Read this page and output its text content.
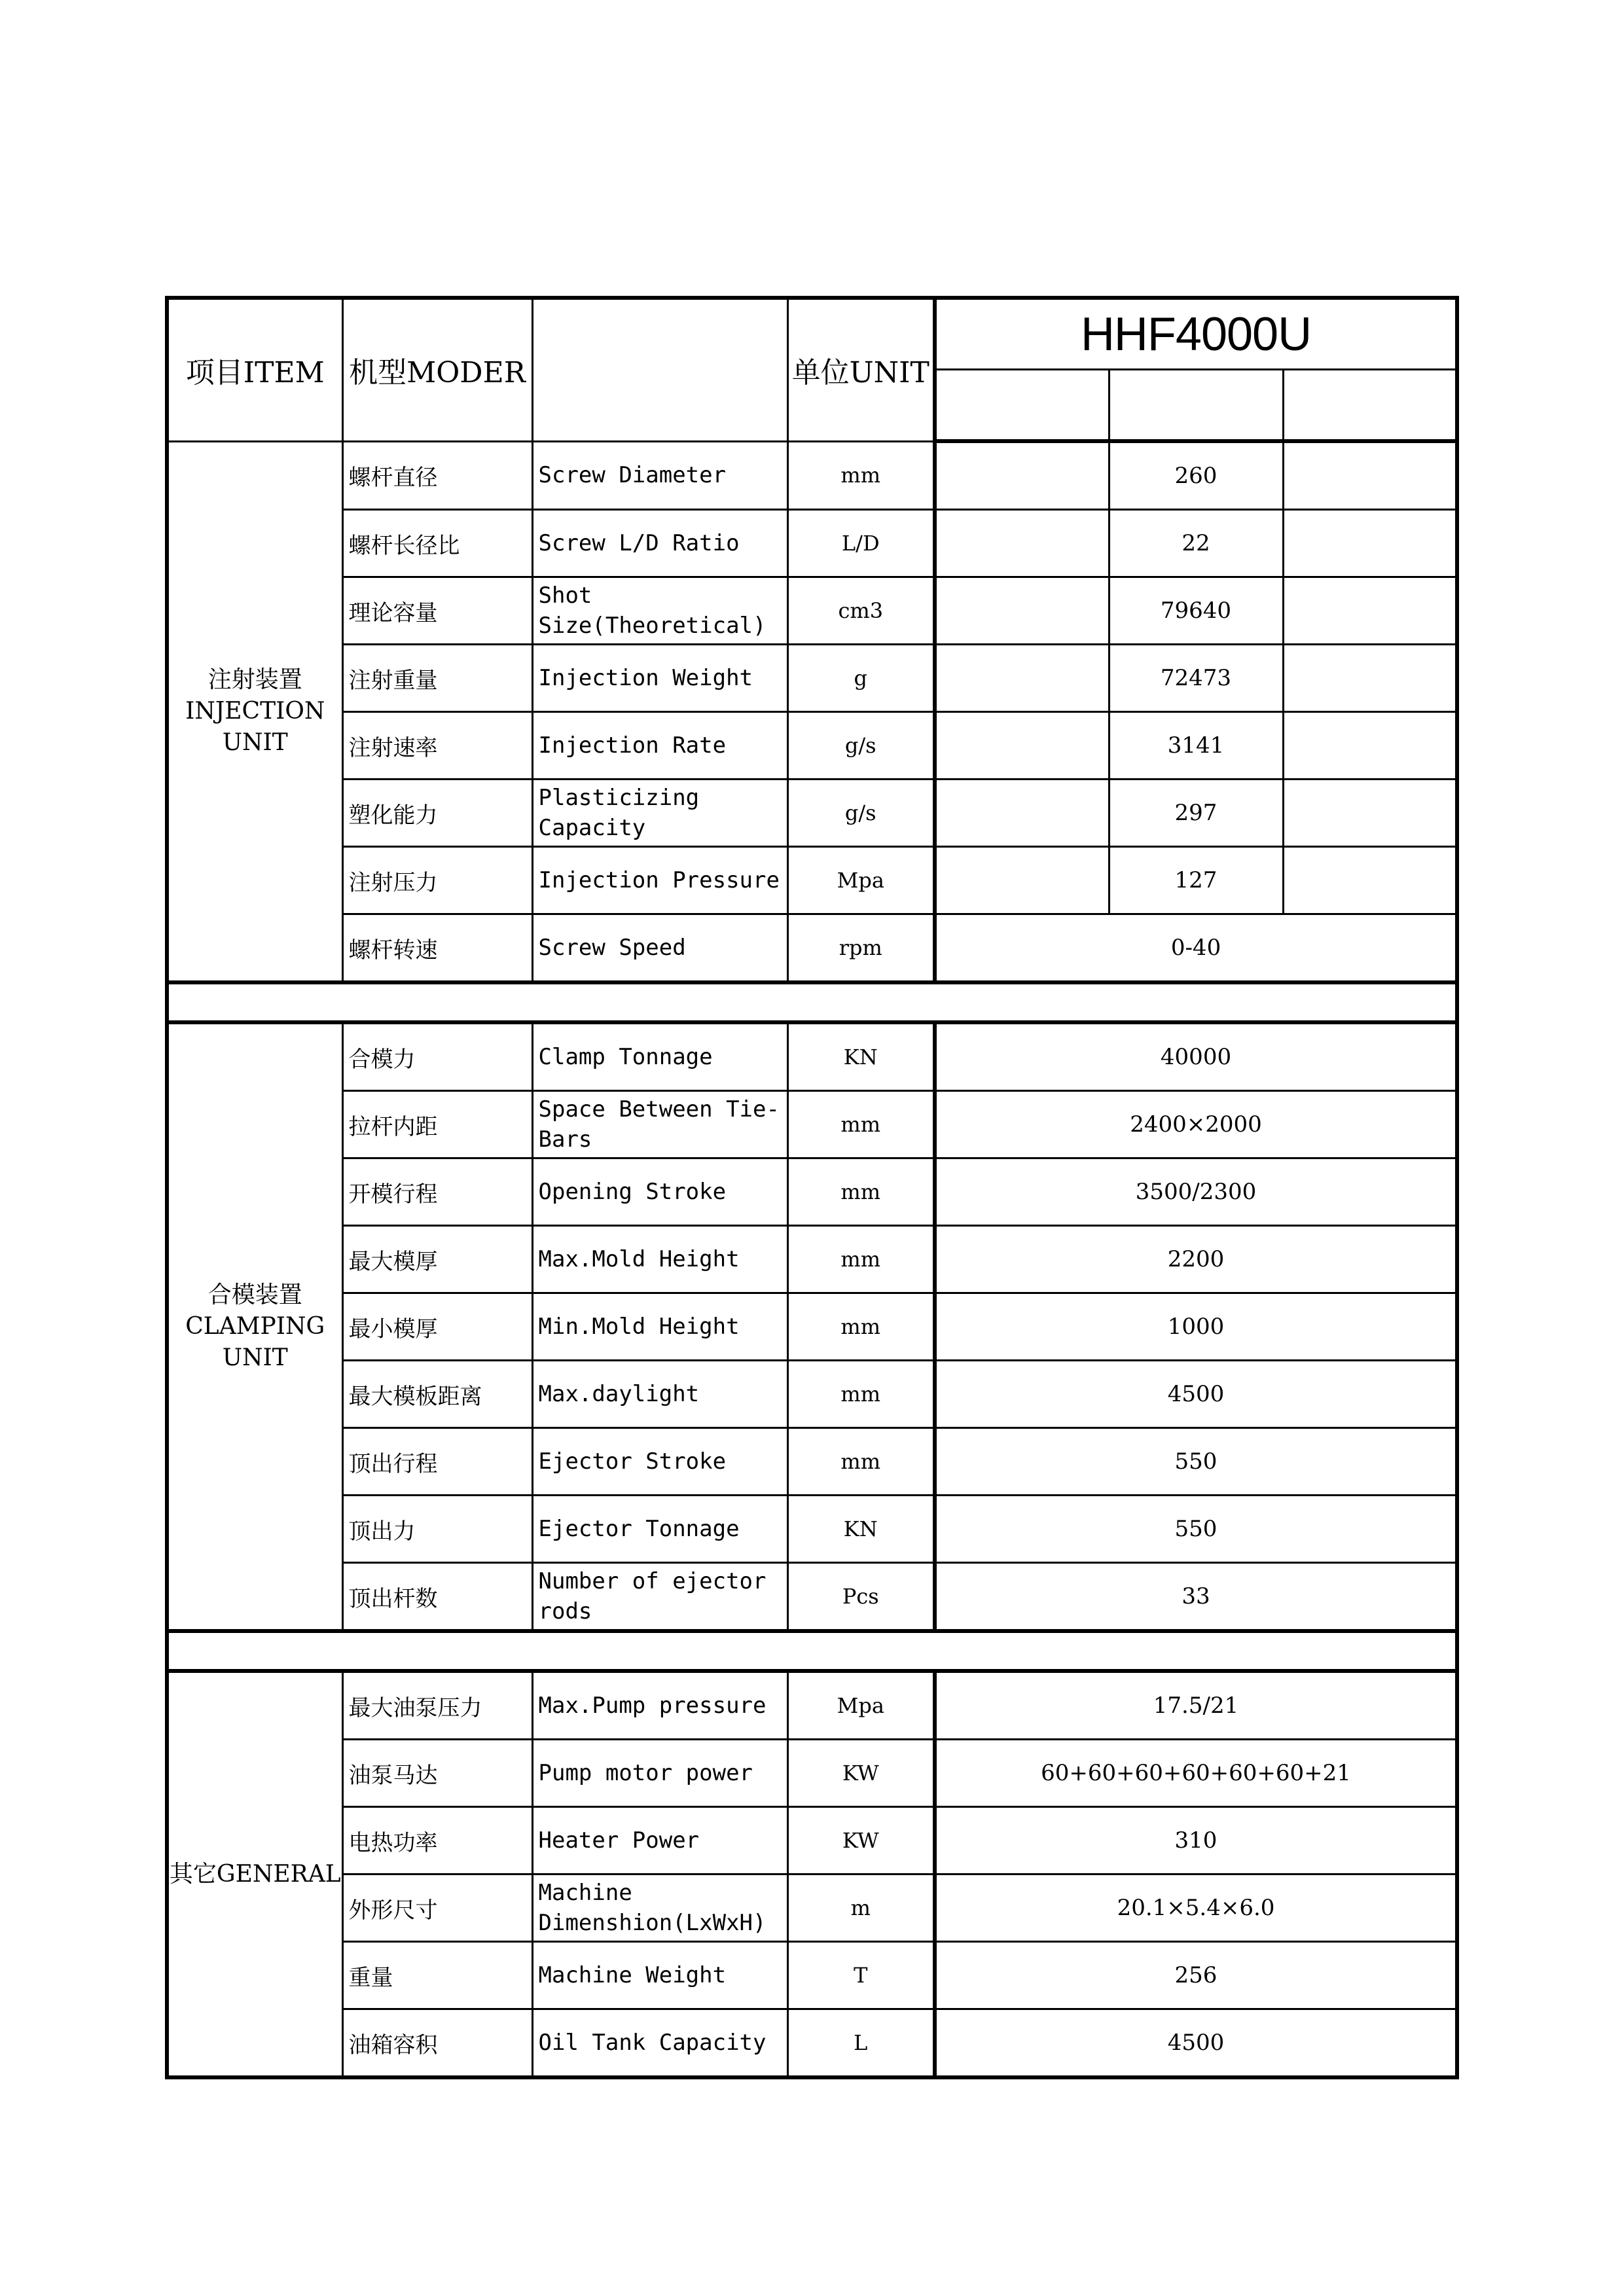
项目ITEM	机型MODER		单位UNIT	HHF4000U		

注射装置
INJECTION
UNIT	螺杆直径	Screw Diameter	mm		260	
	螺杆长径比	Screw L/D Ratio	L/D		22	
	理论容量	Shot
Size(Theoretical)	cm3		79640	
	注射重量	Injection Weight	g		72473	
	注射速率	Injection Rate	g/s		3141	
	塑化能力	Plasticizing
Capacity	g/s		297	
	注射压力	Injection Pressure	Mpa		127	
	螺杆转速	Screw Speed	rpm	0-40		

合模装置
CLAMPING
UNIT	合模力	Clamp Tonnage	KN	40000		
	拉杆内距	Space Between Tie-
Bars	mm	2400×2000		
	开模行程	Opening Stroke	mm	3500/2300		
	最大模厚	Max.Mold Height	mm	2200		
	最小模厚	Min.Mold Height	mm	1000		
	最大模板距离	Max.daylight	mm	4500		
	顶出行程	Ejector Stroke	mm	550		
	顶出力	Ejector Tonnage	KN	550		
	顶出杆数	Number of ejector
rods	Pcs	33		

其它GENERAL	最大油泵压力	Max.Pump pressure	Mpa	17.5/21		
	油泵马达	Pump motor power	KW	60+60+60+60+60+60+21		
	电热功率	Heater Power	KW	310		
	外形尺寸	Machine
Dimenshion(LxWxH)	m	20.1×5.4×6.0		
	重量	Machine Weight	T	256		
	油箱容积	Oil Tank Capacity	L	4500		
